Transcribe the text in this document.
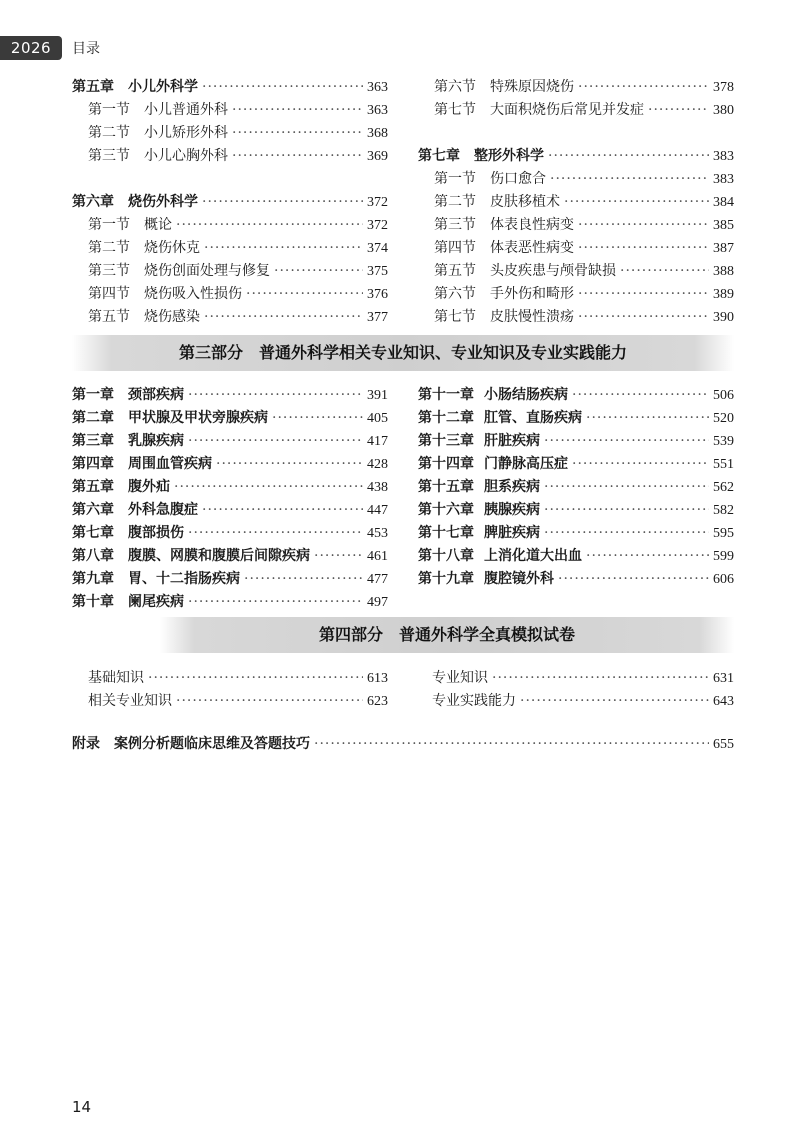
2026	目录
第五章 小儿外科学 ·····	363
第一节 小儿普通外科 ·····	363
第二节 小儿矫形外科 ·····	368
第三节 小儿心胸外科 ·····	369
第六章 烧伤外科学 ·····	372
第一节 概论 ·····	372
第二节 烧伤休克 ·····	374
第三节 烧伤创面处理与修复 ·····	375
第四节 烧伤吸入性损伤 ·····	376
第五节 烧伤感染 ·····	377
第六节 特殊原因烧伤 ·····	378
第七节 大面积烧伤后常见并发症 ·····	380
第七章 整形外科学 ·····	383
第一节 伤口愈合 ·····	383
第二节 皮肤移植术 ·····	384
第三节 体表良性病变 ·····	385
第四节 体表恶性病变 ·····	387
第五节 头皮疾患与颅骨缺损 ·····	388
第六节 手外伤和畸形 ·····	389
第七节 皮肤慢性溃疡 ·····	390
第三部分　普通外科学相关专业知识、专业知识及专业实践能力
第一章 颈部疾病 ·····	391
第二章 甲状腺及甲状旁腺疾病 ·····	405
第三章 乳腺疾病 ·····	417
第四章 周围血管疾病 ·····	428
第五章 腹外疝 ·····	438
第六章 外科急腹症 ·····	447
第七章 腹部损伤 ·····	453
第八章 腹膜、网膜和腹膜后间隙疾病 ·····	461
第九章 胃、十二指肠疾病 ·····	477
第十章 阑尾疾病 ·····	497
第十一章 小肠结肠疾病 ·····	506
第十二章 肛管、直肠疾病 ·····	520
第十三章 肝脏疾病 ·····	539
第十四章 门静脉高压症 ·····	551
第十五章 胆系疾病 ·····	562
第十六章 胰腺疾病 ·····	582
第十七章 脾脏疾病 ·····	595
第十八章 上消化道大出血 ·····	599
第十九章 腹腔镜外科 ·····	606
第四部分　普通外科学全真模拟试卷
基础知识 ·····	613
相关专业知识 ·····	623
专业知识 ·····	631
专业实践能力 ·····	643
附录 案例分析题临床思维及答题技巧 ·····	655
14
